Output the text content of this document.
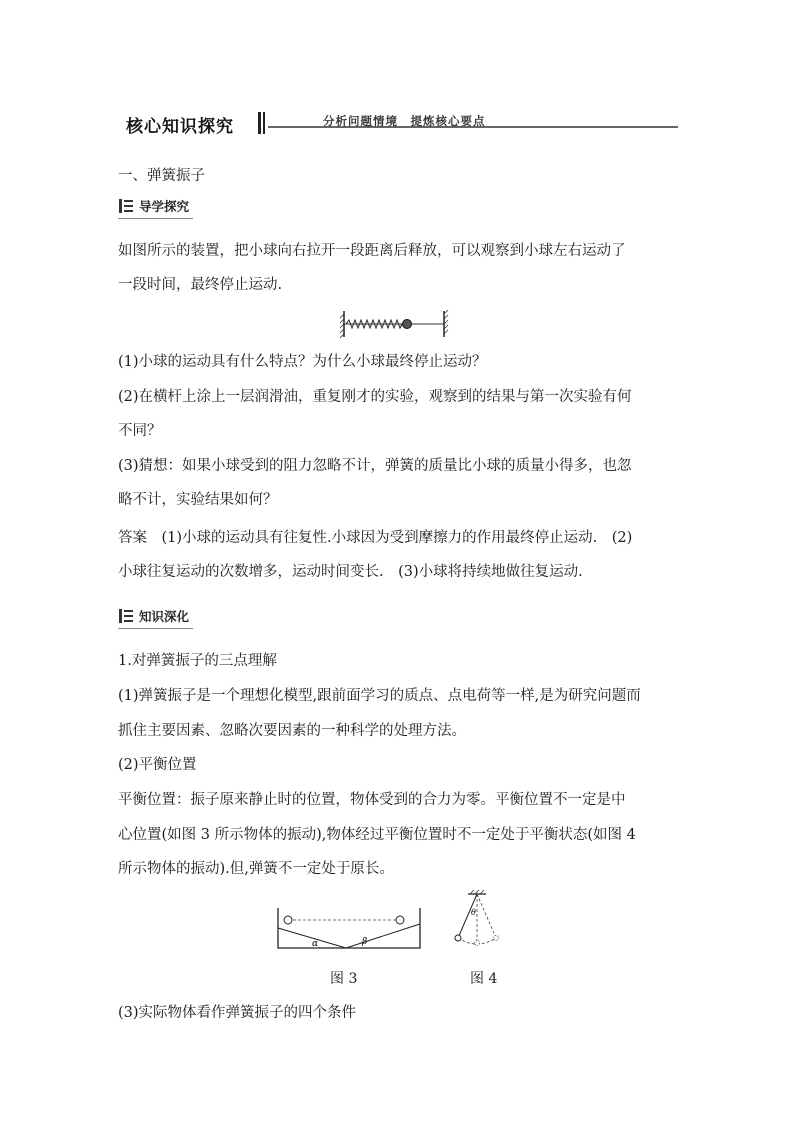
核心知识探究	分析问题情境　提炼核心要点
一、弹簧振子
导学探究
如图所示的装置，把小球向右拉开一段距离后释放，可以观察到小球左右运动了
一段时间，最终停止运动.
(1)小球的运动具有什么特点？为什么小球最终停止运动？
(2)在横杆上涂上一层润滑油，重复刚才的实验，观察到的结果与第一次实验有何
不同？
(3)猜想：如果小球受到的阻力忽略不计，弹簧的质量比小球的质量小得多，也忽
略不计，实验结果如何？
答案　(1)小球的运动具有往复性.小球因为受到摩擦力的作用最终停止运动.　(2)
小球往复运动的次数增多，运动时间变长.　(3)小球将持续地做往复运动.
知识深化
1.对弹簧振子的三点理解
(1)弹簧振子是一个理想化模型,跟前面学习的质点、点电荷等一样,是为研究问题而
抓住主要因素、忽略次要因素的一种科学的处理方法。
(2)平衡位置
平衡位置：振子原来静止时的位置，物体受到的合力为零。平衡位置不一定是中
心位置(如图 3 所示物体的振动),物体经过平衡位置时不一定处于平衡状态(如图 4
所示物体的振动).但,弹簧不一定处于原长。
α	β
θ
图 3	图 4
(3)实际物体看作弹簧振子的四个条件
